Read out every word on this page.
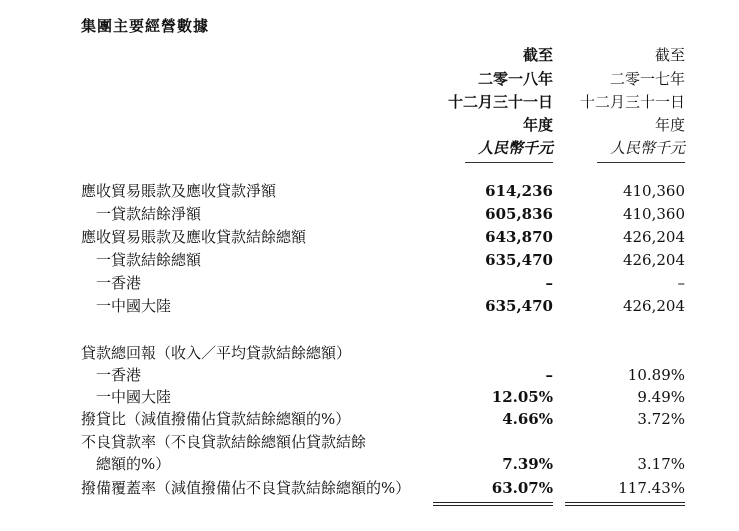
集團主要經營數據
截至
二零一八年
十二月三十一日
年度
人民幣千元
截至
二零一七年
十二月三十一日
年度
人民幣千元
應收貿易賬款及應收貸款淨額	614,236	410,360
一貸款結餘淨額	605,836	410,360
應收貿易賬款及應收貸款結餘總額	643,870	426,204
一貸款結餘總額	635,470	426,204
一香港	–	–
一中國大陸	635,470	426,204
貸款總回報（收入／平均貸款結餘總額）
一香港	–	10.89%
一中國大陸	12.05%	9.49%
撥貸比（減值撥備佔貸款結餘總額的%）	4.66%	3.72%
不良貸款率（不良貸款結餘總額佔貸款結餘
總額的%）	7.39%	3.17%
撥備覆蓋率（減值撥備佔不良貸款結餘總額的%）	63.07%	117.43%
